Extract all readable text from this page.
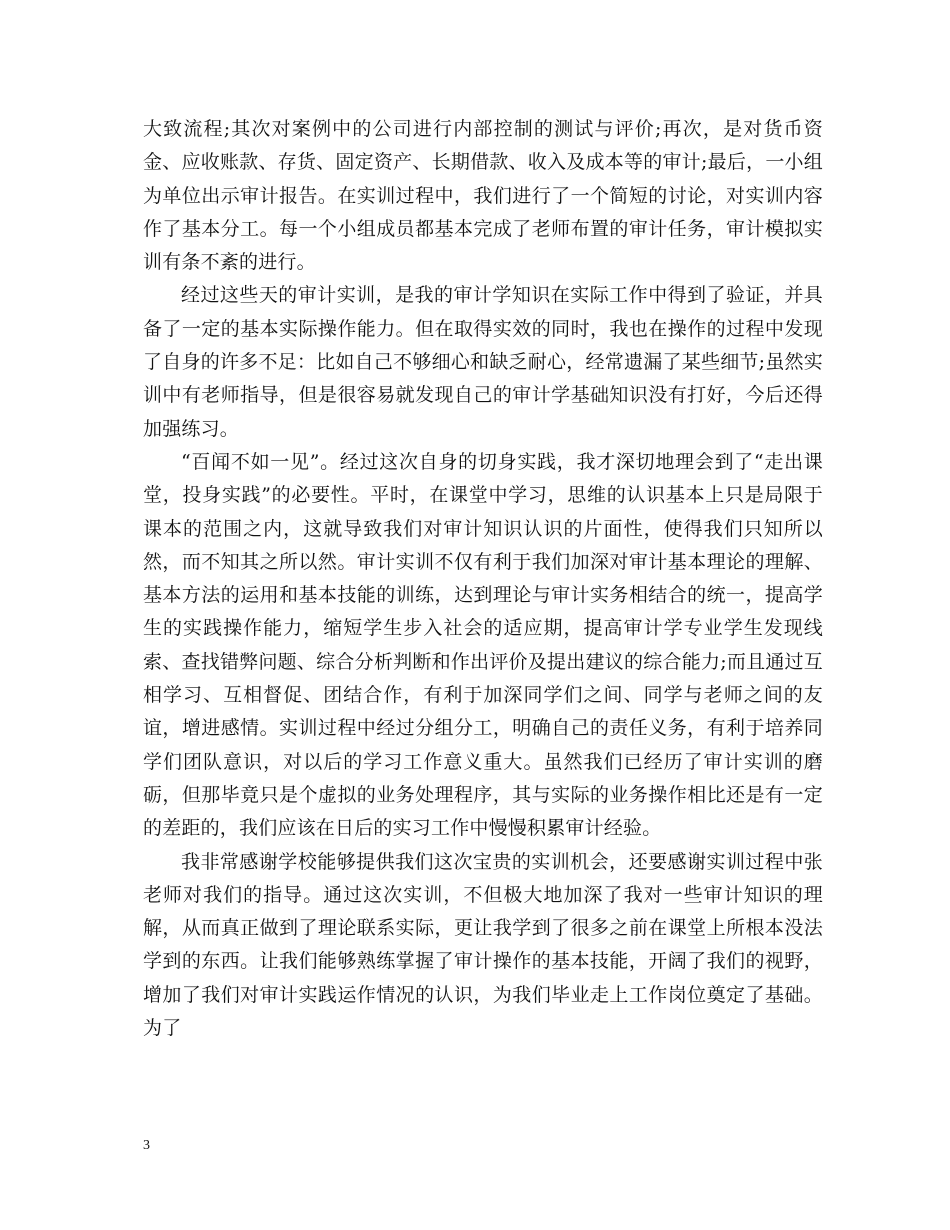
大致流程;其次对案例中的公司进行内部控制的测试与评价;再次，是对货币资金、应收账款、存货、固定资产、长期借款、收入及成本等的审计;最后，一小组为单位出示审计报告。在实训过程中，我们进行了一个简短的讨论，对实训内容作了基本分工。每一个小组成员都基本完成了老师布置的审计任务，审计模拟实训有条不紊的进行。

经过这些天的审计实训，是我的审计学知识在实际工作中得到了验证，并具备了一定的基本实际操作能力。但在取得实效的同时，我也在操作的过程中发现了自身的许多不足：比如自己不够细心和缺乏耐心，经常遗漏了某些细节;虽然实训中有老师指导，但是很容易就发现自己的审计学基础知识没有打好，今后还得加强练习。

“百闻不如一见”。经过这次自身的切身实践，我才深切地理会到了“走出课堂，投身实践”的必要性。平时，在课堂中学习，思维的认识基本上只是局限于课本的范围之内，这就导致我们对审计知识认识的片面性，使得我们只知所以然，而不知其之所以然。审计实训不仅有利于我们加深对审计基本理论的理解、基本方法的运用和基本技能的训练，达到理论与审计实务相结合的统一，提高学生的实践操作能力，缩短学生步入社会的适应期，提高审计学专业学生发现线索、查找错弊问题、综合分析判断和作出评价及提出建议的综合能力;而且通过互相学习、互相督促、团结合作，有利于加深同学们之间、同学与老师之间的友谊，增进感情。实训过程中经过分组分工，明确自己的责任义务，有利于培养同学们团队意识，对以后的学习工作意义重大。虽然我们已经历了审计实训的磨砺，但那毕竟只是个虚拟的业务处理程序，其与实际的业务操作相比还是有一定的差距的，我们应该在日后的实习工作中慢慢积累审计经验。

我非常感谢学校能够提供我们这次宝贵的实训机会，还要感谢实训过程中张老师对我们的指导。通过这次实训，不但极大地加深了我对一些审计知识的理解，从而真正做到了理论联系实际，更让我学到了很多之前在课堂上所根本没法学到的东西。让我们能够熟练掌握了审计操作的基本技能，开阔了我们的视野，增加了我们对审计实践运作情况的认识，为我们毕业走上工作岗位奠定了基础。为了

3
